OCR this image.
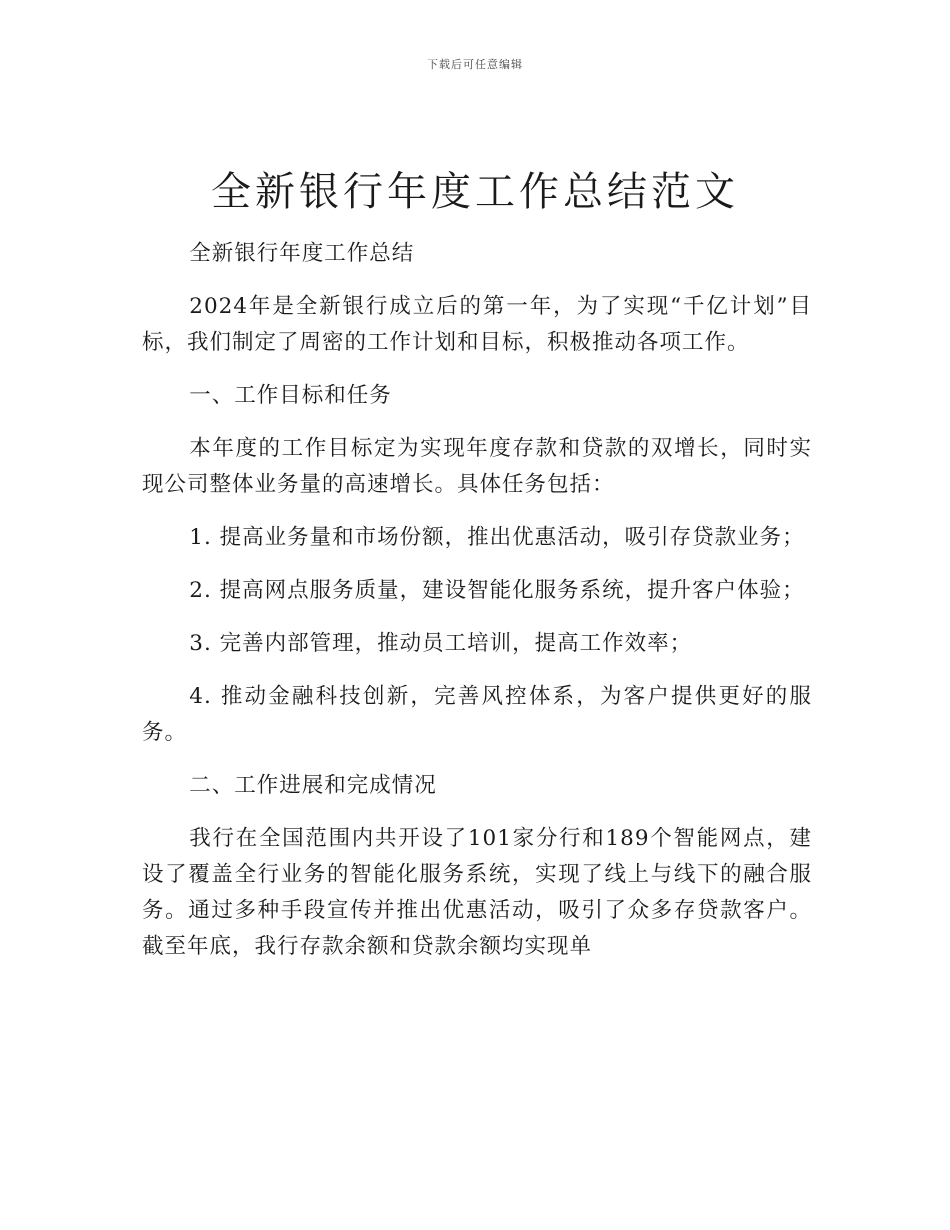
下载后可任意编辑
全新银行年度工作总结范文

全新银行年度工作总结

2024年是全新银行成立后的第一年，为了实现“千亿计划”目标，我们制定了周密的工作计划和目标，积极推动各项工作。

一、工作目标和任务

本年度的工作目标定为实现年度存款和贷款的双增长，同时实现公司整体业务量的高速增长。具体任务包括：

1. 提高业务量和市场份额，推出优惠活动，吸引存贷款业务；

2. 提高网点服务质量，建设智能化服务系统，提升客户体验；

3. 完善内部管理，推动员工培训，提高工作效率；

4. 推动金融科技创新，完善风控体系，为客户提供更好的服务。

二、工作进展和完成情况

我行在全国范围内共开设了101家分行和189个智能网点，建设了覆盖全行业务的智能化服务系统，实现了线上与线下的融合服务。通过多种手段宣传并推出优惠活动，吸引了众多存贷款客户。截至年底，我行存款余额和贷款余额均实现单
